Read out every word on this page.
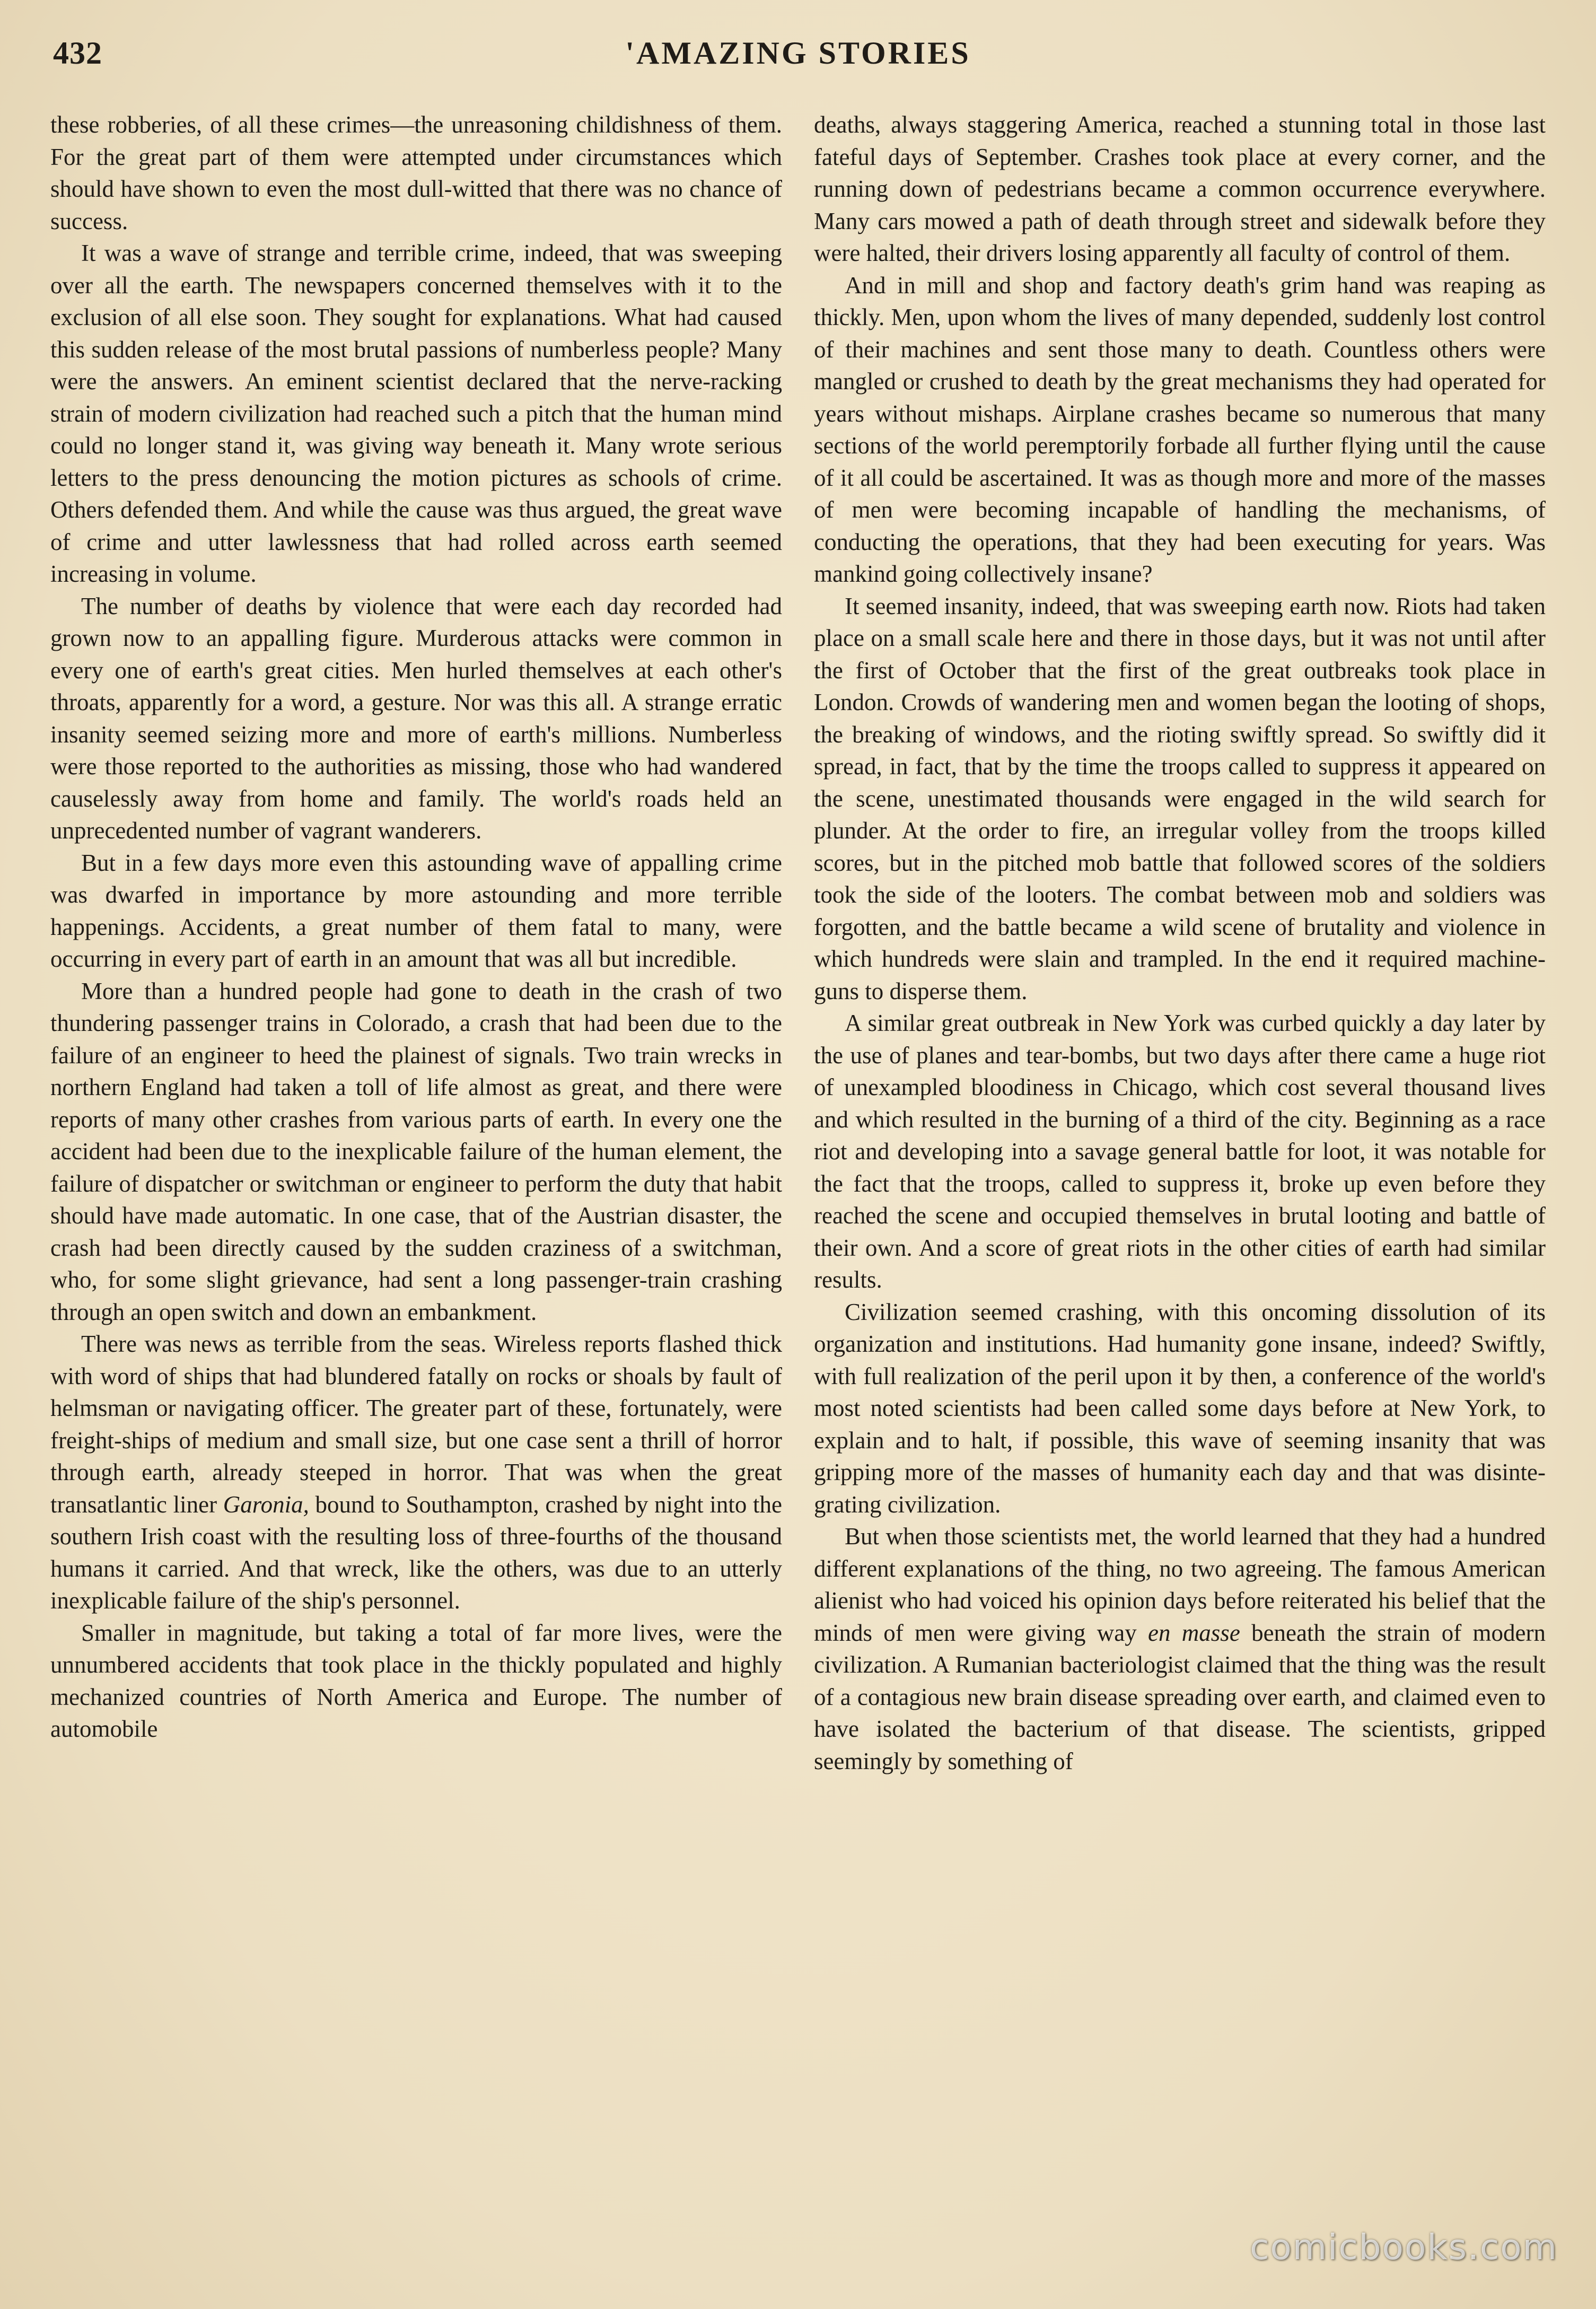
432	'AMAZING STORIES

these robberies, of all these crimes—the unreasoning childishness of them. For the great part of them were attempted under circumstances which should have shown to even the most dull-witted that there was no chance of success.

It was a wave of strange and terrible crime, indeed, that was sweeping over all the earth. The newspapers concerned themselves with it to the exclusion of all else soon. They sought for explanations. What had caused this sudden release of the most brutal passions of numberless people? Many were the answers. An eminent scientist declared that the nerve-racking strain of modern civilization had reached such a pitch that the human mind could no longer stand it, was giving way beneath it. Many wrote serious letters to the press denouncing the motion pictures as schools of crime. Others defended them. And while the cause was thus argued, the great wave of crime and utter lawlessness that had rolled across earth seemed increasing in volume.

The number of deaths by violence that were each day recorded had grown now to an appalling figure. Murderous attacks were common in every one of earth's great cities. Men hurled themselves at each other's throats, apparently for a word, a gesture. Nor was this all. A strange erratic insanity seemed seizing more and more of earth's millions. Numberless were those reported to the authorities as missing, those who had wandered causelessly away from home and family. The world's roads held an unprecedented number of vagrant wanderers.

But in a few days more even this astounding wave of appalling crime was dwarfed in importance by more astounding and more terrible happenings. Accidents, a great number of them fatal to many, were occurring in every part of earth in an amount that was all but incredible.

More than a hundred people had gone to death in the crash of two thundering passenger trains in Colorado, a crash that had been due to the failure of an engineer to heed the plainest of signals. Two train wrecks in northern England had taken a toll of life almost as great, and there were reports of many other crashes from various parts of earth. In every one the accident had been due to the inexplicable failure of the human element, the failure of dispatcher or switchman or engineer to perform the duty that habit should have made automatic. In one case, that of the Austrian disaster, the crash had been directly caused by the sudden craziness of a switchman, who, for some slight grievance, had sent a long passenger-train crashing through an open switch and down an embankment.

There was news as terrible from the seas. Wireless reports flashed thick with word of ships that had blundered fatally on rocks or shoals by fault of helmsman or navigating officer. The greater part of these, fortunately, were freight-ships of medium and small size, but one case sent a thrill of horror through earth, already steeped in horror. That was when the great transatlantic liner Garonia, bound to Southampton, crashed by night into the southern Irish coast with the resulting loss of three-fourths of the thousand humans it carried. And that wreck, like the others, was due to an utterly inexplicable failure of the ship's personnel.

Smaller in magnitude, but taking a total of far more lives, were the unnumbered accidents that took place in the thickly populated and highly mechanized countries of North America and Europe. The number of automobile

deaths, always staggering America, reached a stunning total in those last fateful days of September. Crashes took place at every corner, and the running down of pedestrians became a common occurrence everywhere. Many cars mowed a path of death through street and sidewalk before they were halted, their drivers losing apparently all faculty of control of them.

And in mill and shop and factory death's grim hand was reaping as thickly. Men, upon whom the lives of many depended, suddenly lost control of their machines and sent those many to death. Countless others were mangled or crushed to death by the great mechanisms they had operated for years without mishaps. Airplane crashes became so numerous that many sections of the world peremptorily forbade all further flying until the cause of it all could be ascertained. It was as though more and more of the masses of men were becoming incapable of handling the mechanisms, of conducting the operations, that they had been executing for years. Was mankind going collectively insane?

It seemed insanity, indeed, that was sweeping earth now. Riots had taken place on a small scale here and there in those days, but it was not until after the first of October that the first of the great outbreaks took place in London. Crowds of wandering men and women began the looting of shops, the breaking of windows, and the rioting swiftly spread. So swiftly did it spread, in fact, that by the time the troops called to suppress it appeared on the scene, unestimated thousands were engaged in the wild search for plunder. At the order to fire, an irregular volley from the troops killed scores, but in the pitched mob battle that followed scores of the soldiers took the side of the looters. The combat between mob and soldiers was forgotten, and the battle became a wild scene of brutality and violence in which hundreds were slain and trampled. In the end it required machine-guns to disperse them.

A similar great outbreak in New York was curbed quickly a day later by the use of planes and tear-bombs, but two days after there came a huge riot of unexampled bloodiness in Chicago, which cost several thousand lives and which resulted in the burning of a third of the city. Beginning as a race riot and developing into a savage general battle for loot, it was notable for the fact that the troops, called to suppress it, broke up even before they reached the scene and occupied themselves in brutal looting and battle of their own. And a score of great riots in the other cities of earth had similar results.

Civilization seemed crashing, with this oncoming dissolution of its organization and institutions. Had humanity gone insane, indeed? Swiftly, with full realization of the peril upon it by then, a conference of the world's most noted scientists had been called some days before at New York, to explain and to halt, if possible, this wave of seeming insanity that was gripping more of the masses of humanity each day and that was disintegrating civilization.

But when those scientists met, the world learned that they had a hundred different explanations of the thing, no two agreeing. The famous American alienist who had voiced his opinion days before reiterated his belief that the minds of men were giving way en masse beneath the strain of modern civilization. A Rumanian bacteriologist claimed that the thing was the result of a contagious new brain disease spreading over earth, and claimed even to have isolated the bacterium of that disease. The scientists, gripped seemingly by something of

comicbooks.com
